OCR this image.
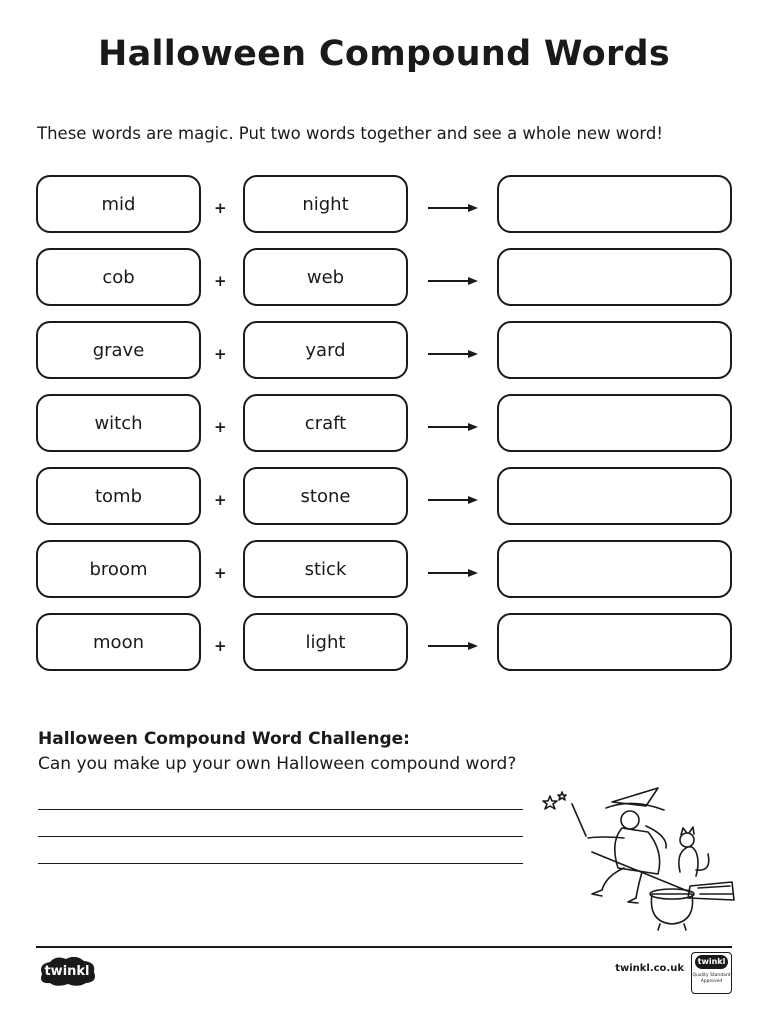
Halloween Compound Words
These words are magic. Put two words together and see a whole new word!
mid	+	night
cob	+	web
grave	+	yard
witch	+	craft
tomb	+	stone
broom	+	stick
moon	+	light
Halloween Compound Word Challenge:
Can you make up your own Halloween compound word?
twinkl	twinkl.co.uk
twinkl
Quality Standard
Approved
